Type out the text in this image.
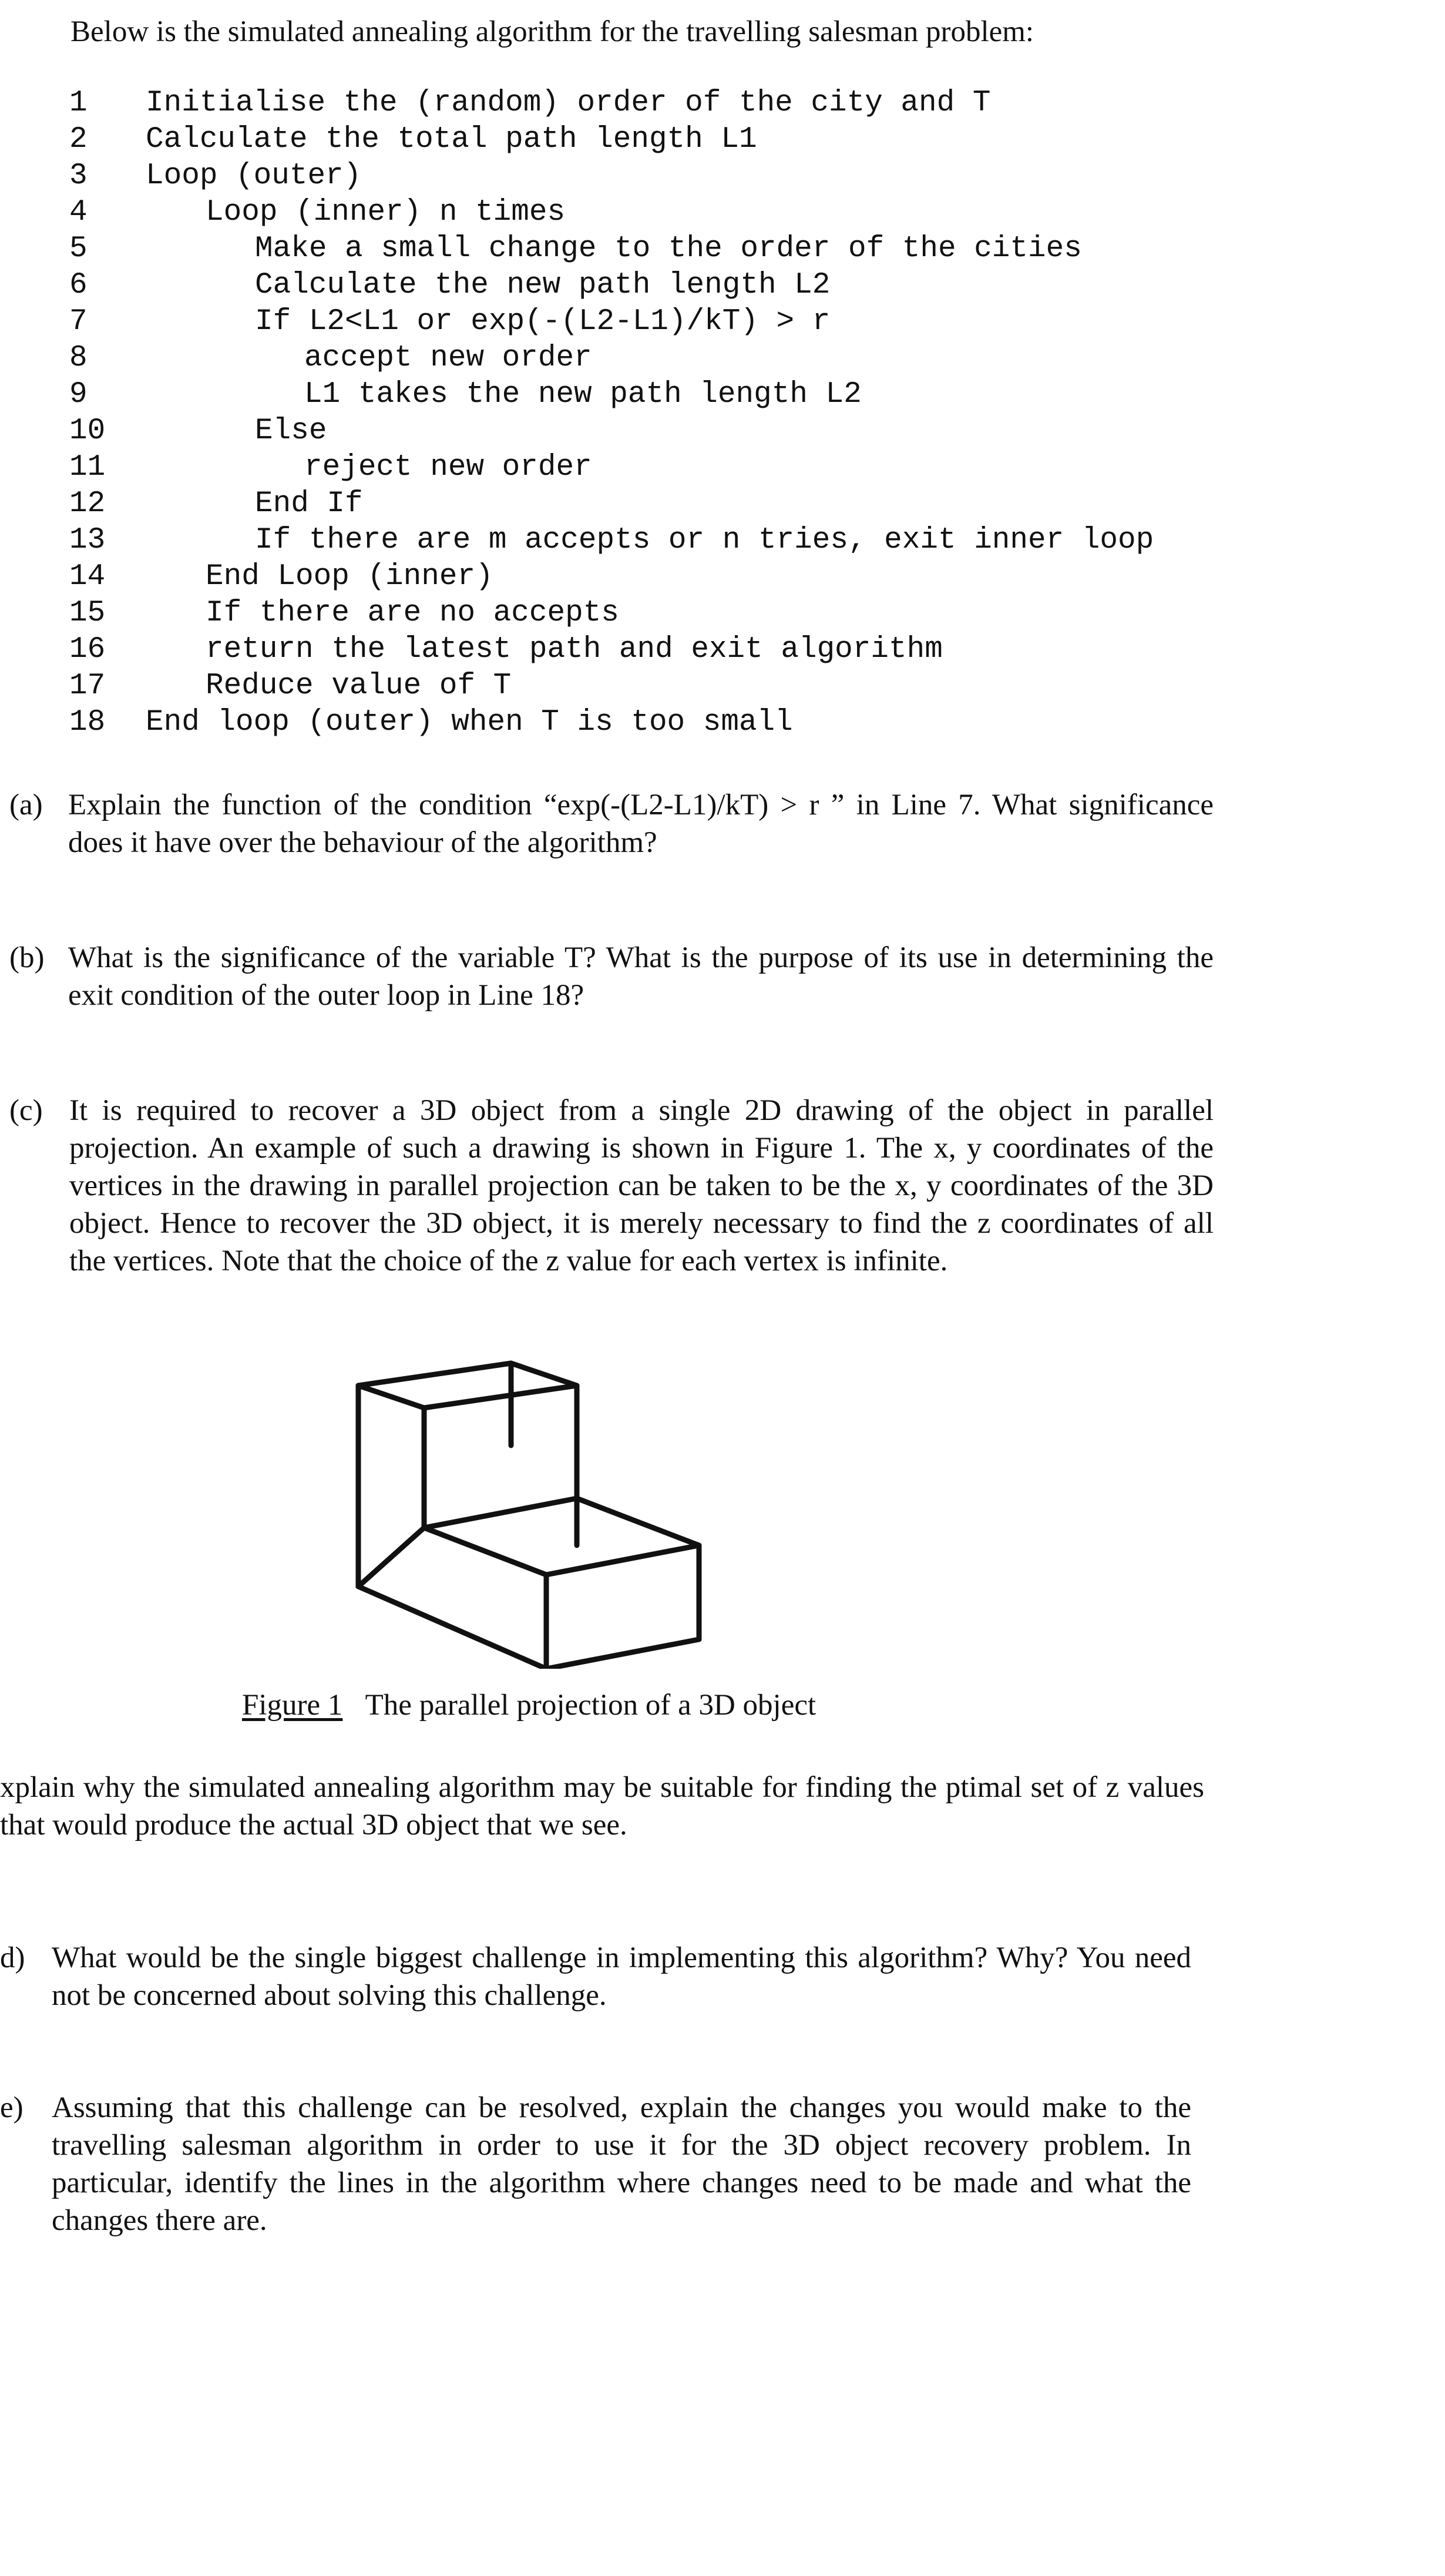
Below is the simulated annealing algorithm for the travelling salesman problem:
1	Initialise the (random) order of the city and T
2	Calculate the total path length L1
3	Loop (outer)
4	Loop (inner) n times
5	Make a small change to the order of the cities
6	Calculate the new path length L2
7	If L2<L1 or exp(-(L2-L1)/kT) > r
8	accept new order
9	L1 takes the new path length L2
10	Else
11	reject new order
12	End If
13	If there are m accepts or n tries, exit inner loop
14	End Loop (inner)
15	If there are no accepts
16	return the latest path and exit algorithm
17	Reduce value of T
18	End loop (outer) when T is too small
(a) Explain the function of the condition “exp(-(L2-L1)/kT) > r ” in Line 7. What significance does it have over the behaviour of the algorithm?
(b) What is the significance of the variable T? What is the purpose of its use in determining the exit condition of the outer loop in Line 18?
(c) It is required to recover a 3D object from a single 2D drawing of the object in parallel projection. An example of such a drawing is shown in Figure 1. The x, y coordinates of the vertices in the drawing in parallel projection can be taken to be the x, y coordinates of the 3D object. Hence to recover the 3D object, it is merely necessary to find the z coordinates of all the vertices. Note that the choice of the z value for each vertex is infinite.
Figure 1 The parallel projection of a 3D object
xplain why the simulated annealing algorithm may be suitable for finding the ptimal set of z values that would produce the actual 3D object that we see.
d) What would be the single biggest challenge in implementing this algorithm? Why? You need not be concerned about solving this challenge.
e) Assuming that this challenge can be resolved, explain the changes you would make to the travelling salesman algorithm in order to use it for the 3D object recovery problem. In particular, identify the lines in the algorithm where changes need to be made and what the changes there are.
